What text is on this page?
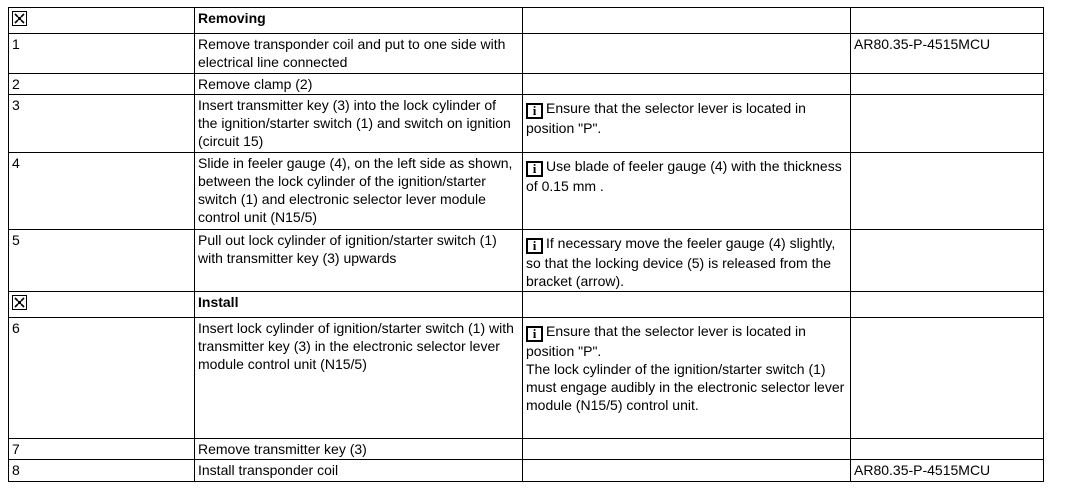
	Removing		
1	Remove transponder coil and put to one side with electrical line connected		AR80.35-P-4515MCU
2	Remove clamp (2)		
3	Insert transmitter key (3) into the lock cylinder of the ignition/starter switch (1) and switch on ignition (circuit 15)	i Ensure that the selector lever is located in position "P".	
4	Slide in feeler gauge (4), on the left side as shown, between the lock cylinder of the ignition/starter switch (1) and electronic selector lever module control unit (N15/5)	i Use blade of feeler gauge (4) with the thickness of 0.15 mm .	
5	Pull out lock cylinder of ignition/starter switch (1) with transmitter key (3) upwards	i If necessary move the feeler gauge (4) slightly, so that the locking device (5) is released from the bracket (arrow).	

	Install		
6	Insert lock cylinder of ignition/starter switch (1) with transmitter key (3) in the electronic selector lever module control unit (N15/5)	i Ensure that the selector lever is located in position "P".
The lock cylinder of the ignition/starter switch (1) must engage audibly in the electronic selector lever module (N15/5) control unit.	
7	Remove transmitter key (3)		
8	Install transponder coil		AR80.35-P-4515MCU
